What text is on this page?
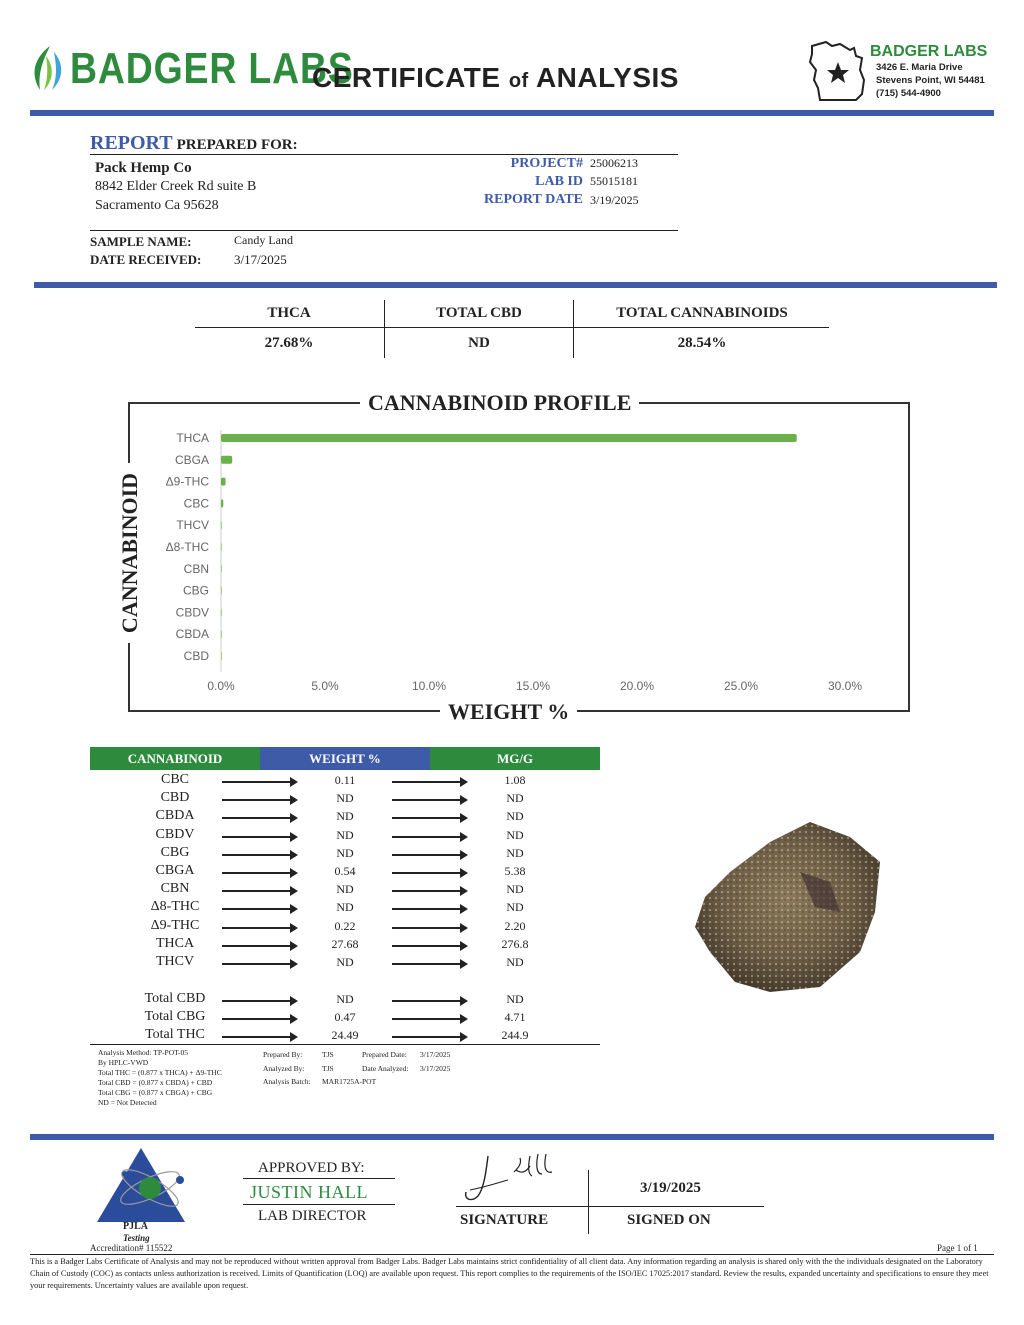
BADGER LABS
CERTIFICATE of ANALYSIS
BADGER LABS
3426 E. Maria Drive
Stevens Point, WI 54481
(715) 544-4900
REPORT PREPARED FOR:
Pack Hemp Co
8842 Elder Creek Rd suite B
Sacramento Ca 95628
PROJECT# 25006213
LAB ID 55015181
REPORT DATE 3/19/2025
SAMPLE NAME:	Candy Land
DATE RECEIVED:	3/17/2025
THCA	TOTAL CBD	TOTAL CANNABINOIDS
27.68%	ND	28.54%
THCA
CBGA
Δ9-THC
CBC
THCV
Δ8-THC
CBN
CBG
CBDV
CBDA
CBD
0.0%	5.0%	10.0%	15.0%	20.0%	25.0%	30.0%
CANNABINOID PROFILE
CANNABINOID
WEIGHT %
CANNABINOID	WEIGHT %	MG/G
CBC	0.11	1.08
CBD	ND	ND
CBDA	ND	ND
CBDV	ND	ND
CBG	ND	ND
CBGA	0.54	5.38
CBN	ND	ND
Δ8-THC	ND	ND
Δ9-THC	0.22	2.20
THCA	27.68	276.8
THCV	ND	ND
Total CBD	ND	ND
Total CBG	0.47	4.71
Total THC	24.49	244.9
Analysis Method: TP-POT-05
By HPLC-VWD
Total THC = (0.877 x THCA) + Δ9-THC
Total CBD = (0.877 x CBDA) + CBD
Total CBG = (0.877 x CBGA) + CBG
ND = Not Detected
Prepared By:	TJS	Prepared Date: 3/17/2025
Analyzed By: TJS	Date Analyzed: 3/17/2025
Analysis Batch: MAR1725A-POT
PJLA
Testing
Accreditation# 115522
APPROVED BY:
JUSTIN HALL
LAB DIRECTOR
3/19/2025
SIGNATURE	SIGNED ON
Page 1 of 1
This is a Badger Labs Certificate of Analysis and may not be reproduced without written approval from Badger Labs. Badger Labs maintains strict confidentiality of all client data. Any information regarding an analysis is shared only with the the individuals designated on the Laboratory Chain of Custody (COC) as contacts unless authorization is received. Limits of Quantification (LOQ) are available upon request. This report complies to the requirements of the ISO/IEC 17025:2017 standard. Review the results, expanded uncertainty and specifications to ensure they meet your requirements. Uncertainty values are available upon request.
